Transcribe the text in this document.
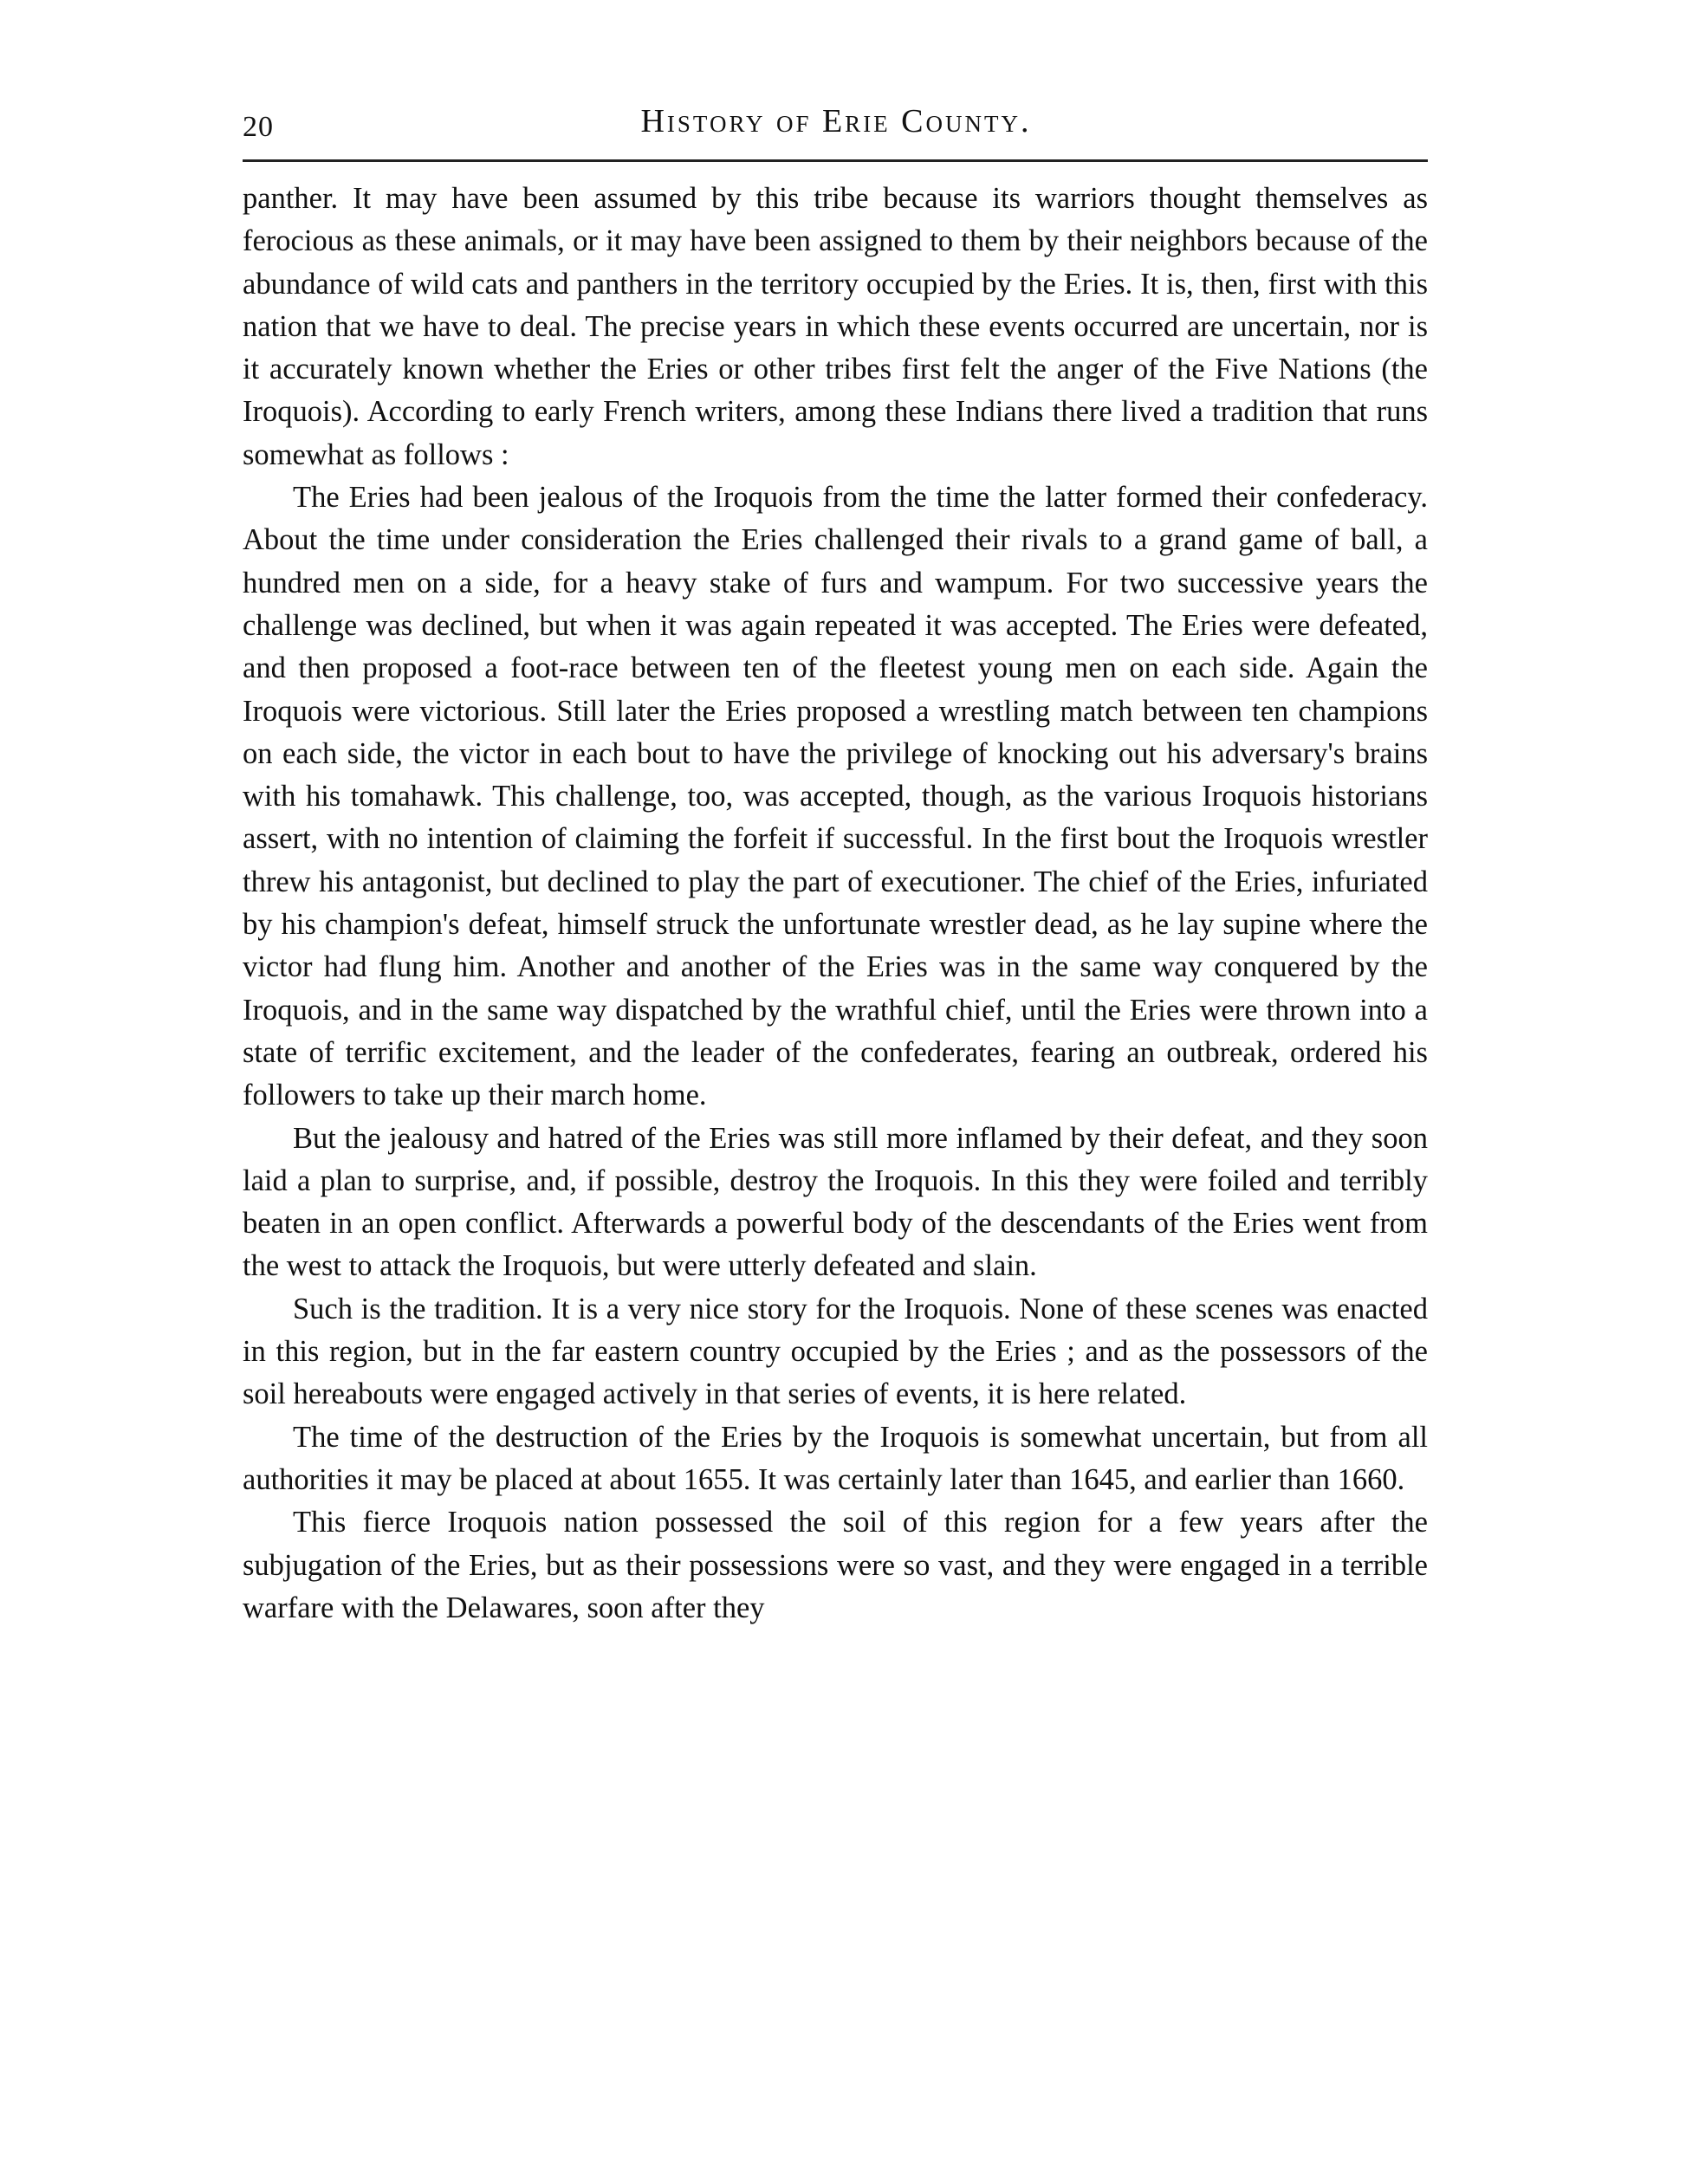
20	History of Erie County.

panther. It may have been assumed by this tribe because its warriors thought themselves as ferocious as these animals, or it may have been assigned to them by their neighbors because of the abundance of wild cats and panthers in the territory occupied by the Eries. It is, then, first with this nation that we have to deal. The precise years in which these events occurred are uncertain, nor is it accurately known whether the Eries or other tribes first felt the anger of the Five Nations (the Iroquois). According to early French writers, among these Indians there lived a tradition that runs somewhat as follows :

The Eries had been jealous of the Iroquois from the time the latter formed their confederacy. About the time under consideration the Eries challenged their rivals to a grand game of ball, a hundred men on a side, for a heavy stake of furs and wampum. For two successive years the challenge was declined, but when it was again repeated it was accepted. The Eries were defeated, and then proposed a foot-race between ten of the fleetest young men on each side. Again the Iroquois were victorious. Still later the Eries proposed a wrestling match between ten champions on each side, the victor in each bout to have the privilege of knocking out his adversary's brains with his tomahawk. This challenge, too, was accepted, though, as the various Iroquois historians assert, with no intention of claiming the forfeit if successful. In the first bout the Iroquois wrestler threw his antagonist, but declined to play the part of executioner. The chief of the Eries, infuriated by his champion's defeat, himself struck the unfortunate wrestler dead, as he lay supine where the victor had flung him. Another and another of the Eries was in the same way conquered by the Iroquois, and in the same way dispatched by the wrathful chief, until the Eries were thrown into a state of terrific excitement, and the leader of the confederates, fearing an outbreak, ordered his followers to take up their march home.

But the jealousy and hatred of the Eries was still more inflamed by their defeat, and they soon laid a plan to surprise, and, if possible, destroy the Iroquois. In this they were foiled and terribly beaten in an open conflict. Afterwards a powerful body of the descendants of the Eries went from the west to attack the Iroquois, but were utterly defeated and slain.

Such is the tradition. It is a very nice story for the Iroquois. None of these scenes was enacted in this region, but in the far eastern country occupied by the Eries ; and as the possessors of the soil hereabouts were engaged actively in that series of events, it is here related.

The time of the destruction of the Eries by the Iroquois is somewhat uncertain, but from all authorities it may be placed at about 1655. It was certainly later than 1645, and earlier than 1660.

This fierce Iroquois nation possessed the soil of this region for a few years after the subjugation of the Eries, but as their possessions were so vast, and they were engaged in a terrible warfare with the Delawares, soon after they
